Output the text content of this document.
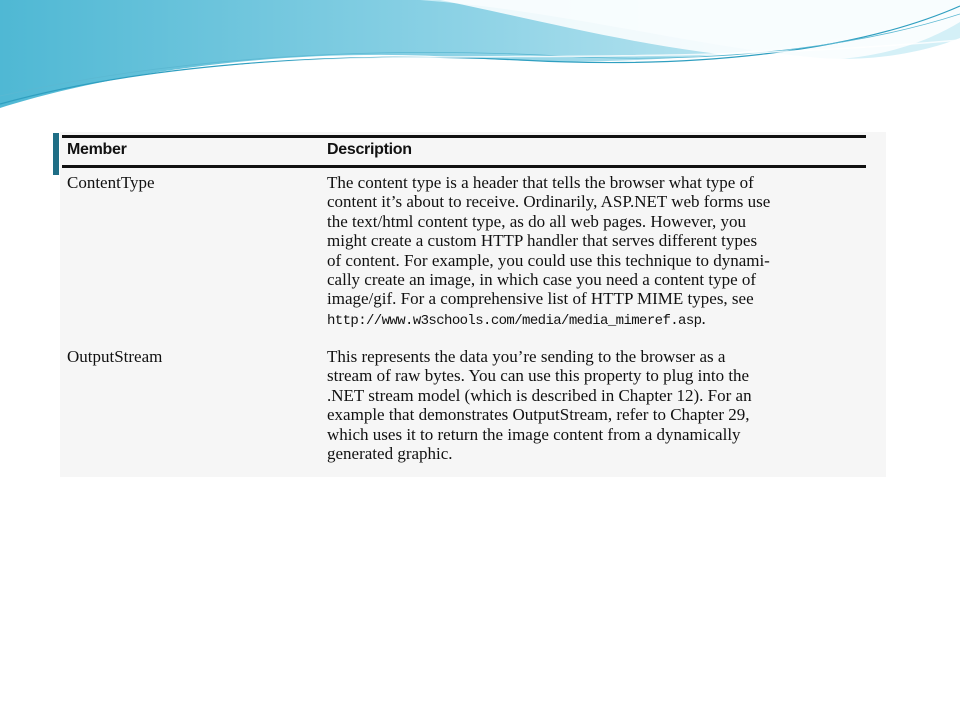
Member	Description
ContentType	The content type is a header that tells the browser what type of
content it’s about to receive. Ordinarily, ASP.NET web forms use
the text/html content type, as do all web pages. However, you
might create a custom HTTP handler that serves different types
of content. For example, you could use this technique to dynami-
cally create an image, in which case you need a content type of
image/gif. For a comprehensive list of HTTP MIME types, see
http://www.w3schools.com/media/media_mimeref.asp.
OutputStream	This represents the data you’re sending to the browser as a
stream of raw bytes. You can use this property to plug into the
.NET stream model (which is described in Chapter 12). For an
example that demonstrates OutputStream, refer to Chapter 29,
which uses it to return the image content from a dynamically
generated graphic.
